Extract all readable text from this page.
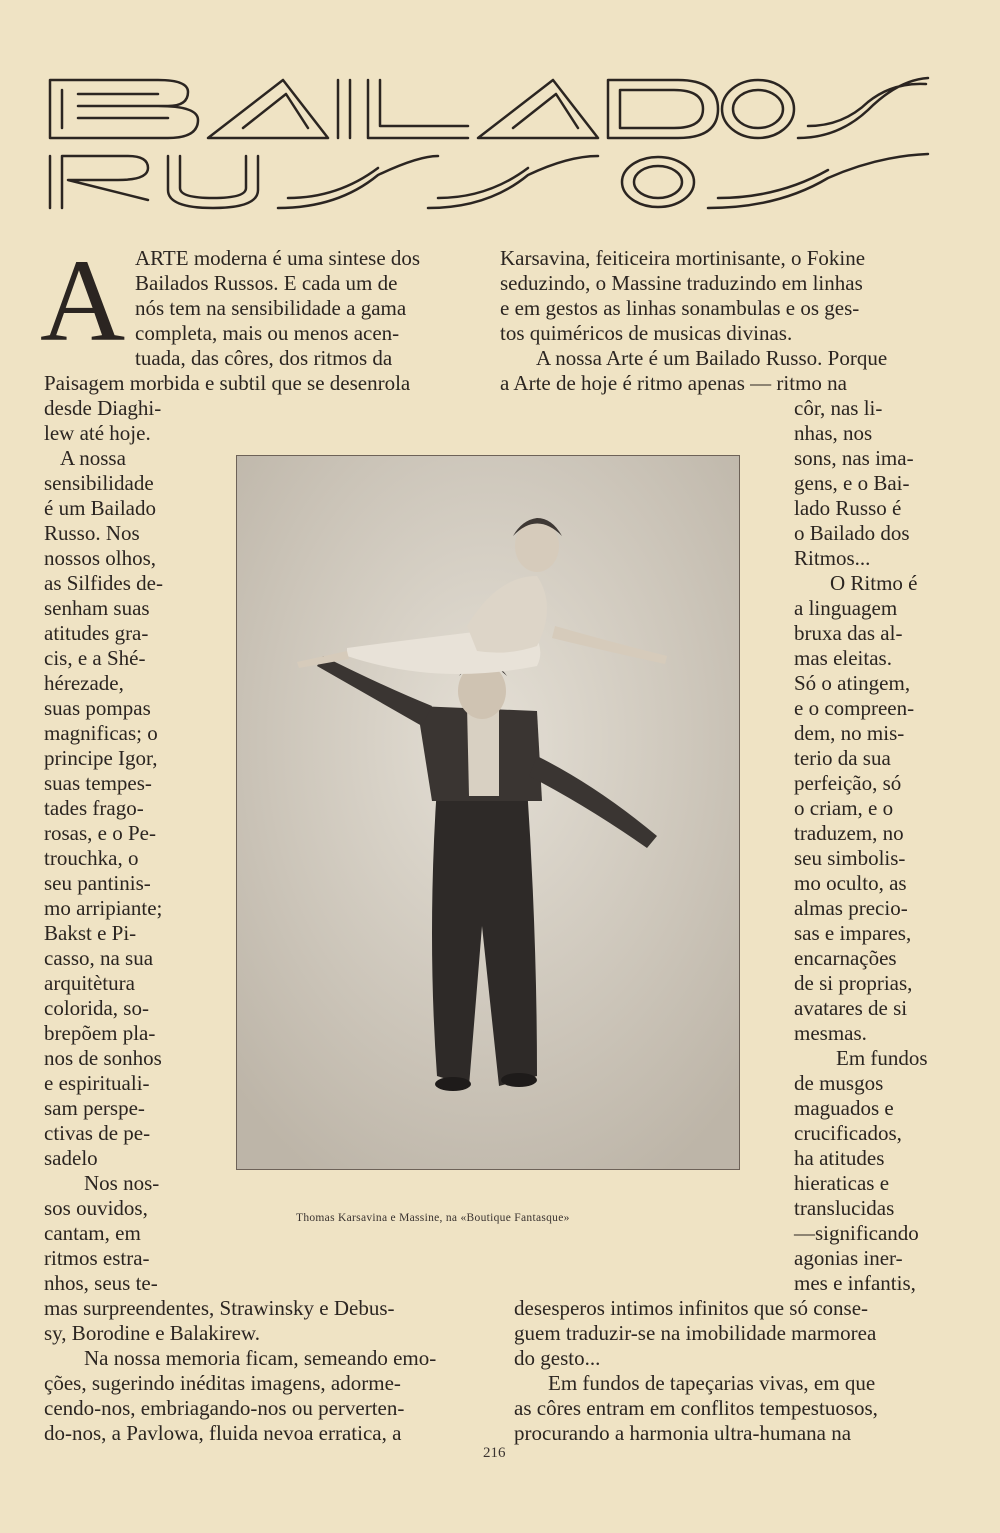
A ARTE moderna é uma sintese dos
Bailados Russos. E cada um de
nós tem na sensibilidade a gama
completa, mais ou menos acen-
tuada, das côres, dos ritmos da
Paisagem morbida e subtil que se desenrola
desde Diaghi-
lew até hoje.
A nossa
sensibilidade
é um Bailado
Russo. Nos
nossos olhos,
as Silfides de-
senham suas
atitudes gra-
cis, e a Shé-
hérezade,
suas pompas
magnificas; o
principe Igor,
suas tempes-
tades frago-
rosas, e o Pe-
trouchka, o
seu pantinis-
mo arripiante;
Bakst e Pi-
casso, na sua
arquitètura
colorida, so-
brepõem pla-
nos de sonhos
e espirituali-
sam perspe-
ctivas de pe-
sadelo
Nos nos-
sos ouvidos,
cantam, em
ritmos estra-
nhos, seus te-
mas surpreendentes, Strawinsky e Debus-
sy, Borodine e Balakirew.
Na nossa memoria ficam, semeando emo-
ções, sugerindo inéditas imagens, adorme-
cendo-nos, embriagando-nos ou perverten-
do-nos, a Pavlowa, fluida nevoa erratica, a
Karsavina, feiticeira mortinisante, o Fokine
seduzindo, o Massine traduzindo em linhas
e em gestos as linhas sonambulas e os ges-
tos quiméricos de musicas divinas.
A nossa Arte é um Bailado Russo. Porque
a Arte de hoje é ritmo apenas — ritmo na
côr, nas li-
nhas, nos
sons, nas ima-
gens, e o Bai-
lado Russo é
o Bailado dos
Ritmos...
O Ritmo é
a linguagem
bruxa das al-
mas eleitas.
Só o atingem,
e o compreen-
dem, no mis-
terio da sua
perfeição, só
o criam, e o
traduzem, no
seu simbolis-
mo oculto, as
almas precio-
sas e impares,
encarnações
de si proprias,
avatares de si
mesmas.
Em fundos
de musgos
maguados e
crucificados,
ha atitudes
hieraticas e
translucidas
—significando
agonias iner-
mes e infantis,
desesperos intimos infinitos que só conse-
guem traduzir-se na imobilidade marmorea
do gesto...
Em fundos de tapeçarias vivas, em que
as côres entram em conflitos tempestuosos,
procurando a harmonia ultra-humana na
Thomas Karsavina e Massine, na «Boutique Fantasque»
216
